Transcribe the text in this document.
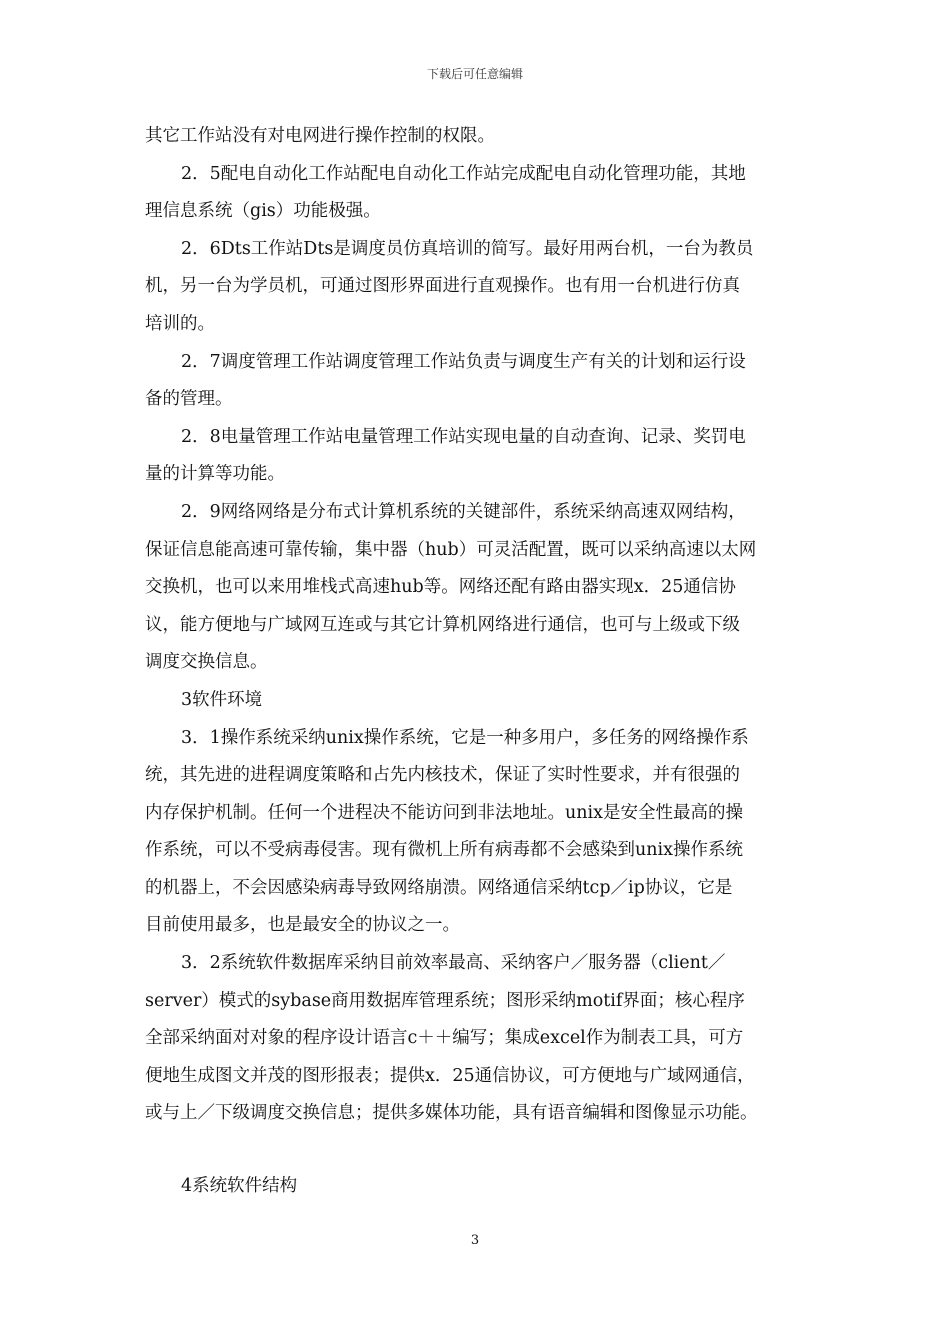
下载后可任意编辑
其它工作站没有对电网进行操作控制的权限。
2．5配电自动化工作站配电自动化工作站完成配电自动化管理功能，其地
理信息系统（gis）功能极强。
2．6Dts工作站Dts是调度员仿真培训的简写。最好用两台机，一台为教员
机，另一台为学员机，可通过图形界面进行直观操作。也有用一台机进行仿真
培训的。
2．7调度管理工作站调度管理工作站负责与调度生产有关的计划和运行设
备的管理。
2．8电量管理工作站电量管理工作站实现电量的自动查询、记录、奖罚电
量的计算等功能。
2．9网络网络是分布式计算机系统的关键部件，系统采纳高速双网结构，
保证信息能高速可靠传输，集中器（hub）可灵活配置，既可以采纳高速以太网
交换机，也可以来用堆栈式高速hub等。网络还配有路由器实现x．25通信协
议，能方便地与广域网互连或与其它计算机网络进行通信，也可与上级或下级
调度交换信息。
3软件环境
3．1操作系统采纳unix操作系统，它是一种多用户，多任务的网络操作系
统，其先进的进程调度策略和占先内核技术，保证了实时性要求，并有很强的
内存保护机制。任何一个进程决不能访问到非法地址。unix是安全性最高的操
作系统，可以不受病毒侵害。现有微机上所有病毒都不会感染到unix操作系统
的机器上，不会因感染病毒导致网络崩溃。网络通信采纳tcp／ip协议，它是
目前使用最多，也是最安全的协议之一。
3．2系统软件数据库采纳目前效率最高、采纳客户／服务器（client／
server）模式的sybase商用数据库管理系统；图形采纳motif界面；核心程序
全部采纳面对对象的程序设计语言c＋＋编写；集成excel作为制表工具，可方
便地生成图文并茂的图形报表；提供x．25通信协议，可方便地与广域网通信，
或与上／下级调度交换信息；提供多媒体功能，具有语音编辑和图像显示功能。
4系统软件结构
3
